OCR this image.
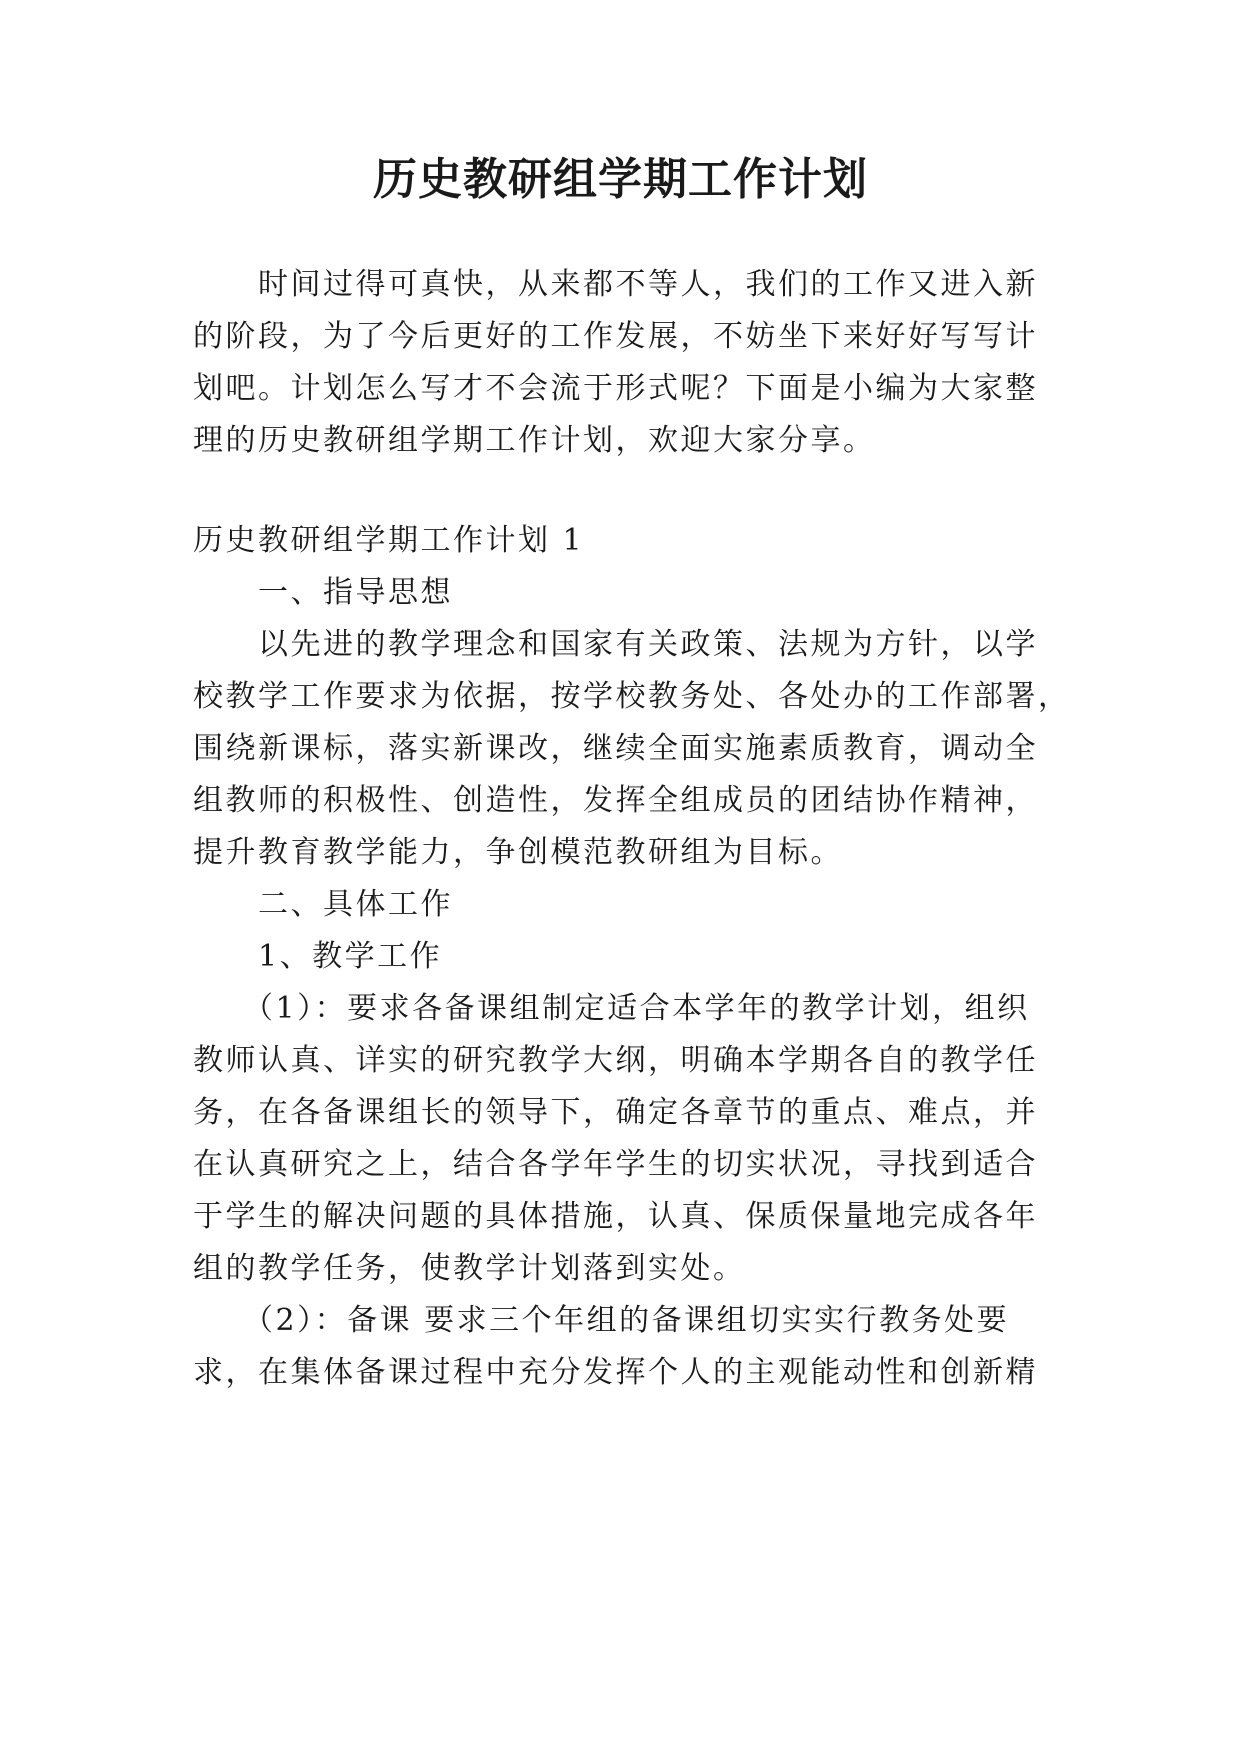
历史教研组学期工作计划

　　时间过得可真快，从来都不等人，我们的工作又进入新

的阶段，为了今后更好的工作发展，不妨坐下来好好写写计

划吧。计划怎么写才不会流于形式呢？下面是小编为大家整

理的历史教研组学期工作计划，欢迎大家分享。

历史教研组学期工作计划 1

　　一、指导思想

　　以先进的教学理念和国家有关政策、法规为方针，以学

校教学工作要求为依据，按学校教务处、各处办的工作部署，

围绕新课标，落实新课改，继续全面实施素质教育，调动全

组教师的积极性、创造性，发挥全组成员的团结协作精神，

提升教育教学能力，争创模范教研组为目标。

　　二、具体工作

　　1、教学工作

　　（1）：要求各备课组制定适合本学年的教学计划，组织

教师认真、详实的研究教学大纲，明确本学期各自的教学任

务，在各备课组长的领导下，确定各章节的重点、难点，并

在认真研究之上，结合各学年学生的切实状况，寻找到适合

于学生的解决问题的具体措施，认真、保质保量地完成各年

组的教学任务，使教学计划落到实处。

　　（2）：备课 要求三个年组的备课组切实实行教务处要

求，在集体备课过程中充分发挥个人的主观能动性和创新精
